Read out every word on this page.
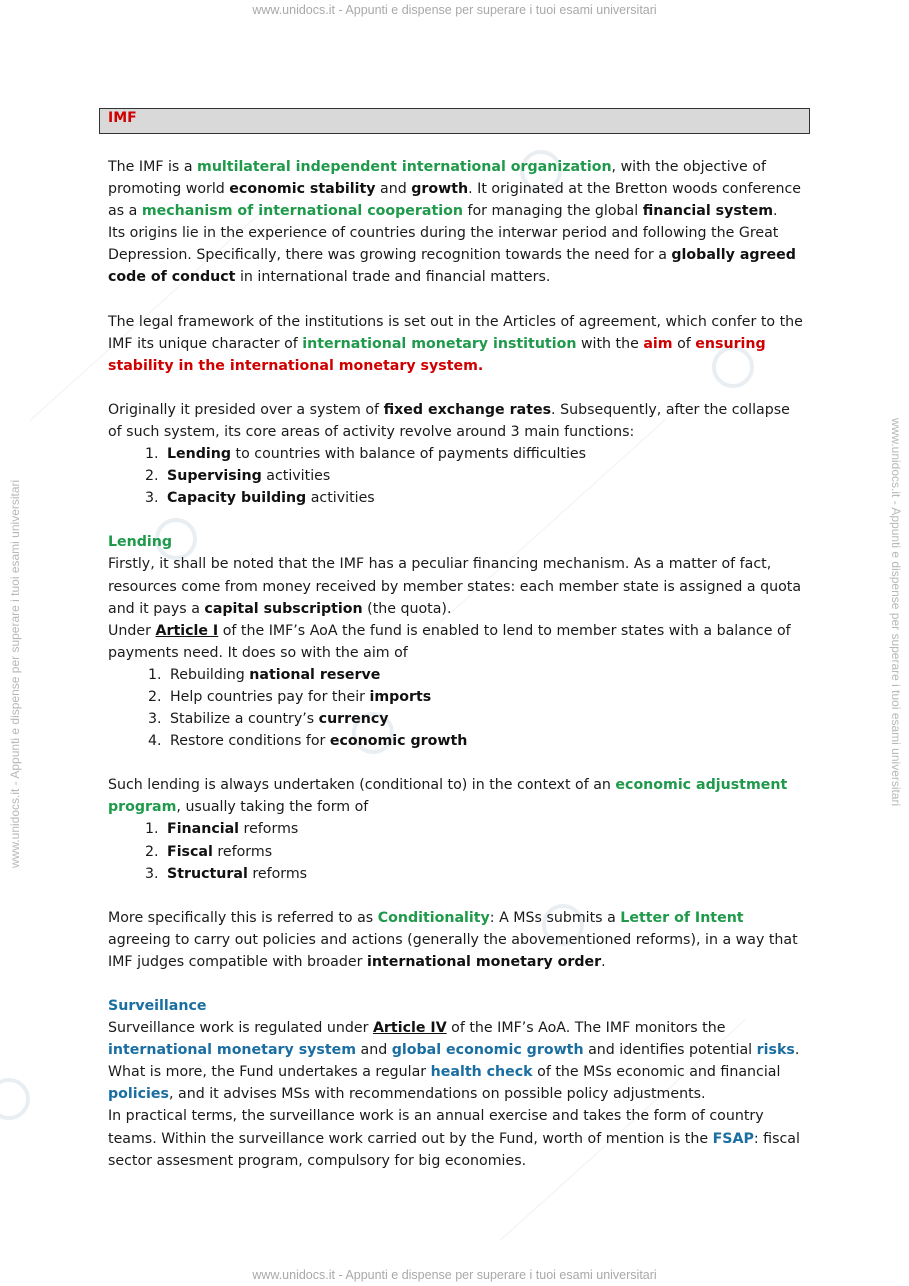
www.unidocs.it - Appunti e dispense per superare i tuoi esami universitari
www.unidocs.it - Appunti e dispense per superare i tuoi esami universitari
www.unidocs.it - Appunti e dispense per superare i tuoi esami universitari	www.unidocs.it - Appunti e dispense per superare i tuoi esami universitari
IMF

The IMF is a multilateral independent international organization, with the objective of promoting world economic stability and growth. It originated at the Bretton woods conference as a mechanism of international cooperation for managing the global financial system.

Its origins lie in the experience of countries during the interwar period and following the Great Depression. Specifically, there was growing recognition towards the need for a globally agreed code of conduct in international trade and financial matters.

The legal framework of the institutions is set out in the Articles of agreement, which confer to the IMF its unique character of international monetary institution with the aim of ensuring stability in the international monetary system.

Originally it presided over a system of fixed exchange rates. Subsequently, after the collapse of such system, its core areas of activity revolve around 3 main functions:

1. Lending to countries with balance of payments difficulties
2. Supervising activities
3. Capacity building activities

Lending

Firstly, it shall be noted that the IMF has a peculiar financing mechanism. As a matter of fact, resources come from money received by member states: each member state is assigned a quota and it pays a capital subscription (the quota).

Under Article I of the IMF’s AoA the fund is enabled to lend to member states with a balance of payments need. It does so with the aim of

1. Rebuilding national reserve
2. Help countries pay for their imports
3. Stabilize a country’s currency
4. Restore conditions for economic growth

Such lending is always undertaken (conditional to) in the context of an economic adjustment program, usually taking the form of

1. Financial reforms
2. Fiscal reforms
3. Structural reforms

More specifically this is referred to as Conditionality: A MSs submits a Letter of Intent agreeing to carry out policies and actions (generally the abovementioned reforms), in a way that IMF judges compatible with broader international monetary order.

Surveillance

Surveillance work is regulated under Article IV of the IMF’s AoA. The IMF monitors the international monetary system and global economic growth and identifies potential risks. What is more, the Fund undertakes a regular health check of the MSs economic and financial policies, and it advises MSs with recommendations on possible policy adjustments.

In practical terms, the surveillance work is an annual exercise and takes the form of country teams. Within the surveillance work carried out by the Fund, worth of mention is the FSAP: fiscal sector assesment program, compulsory for big economies.
